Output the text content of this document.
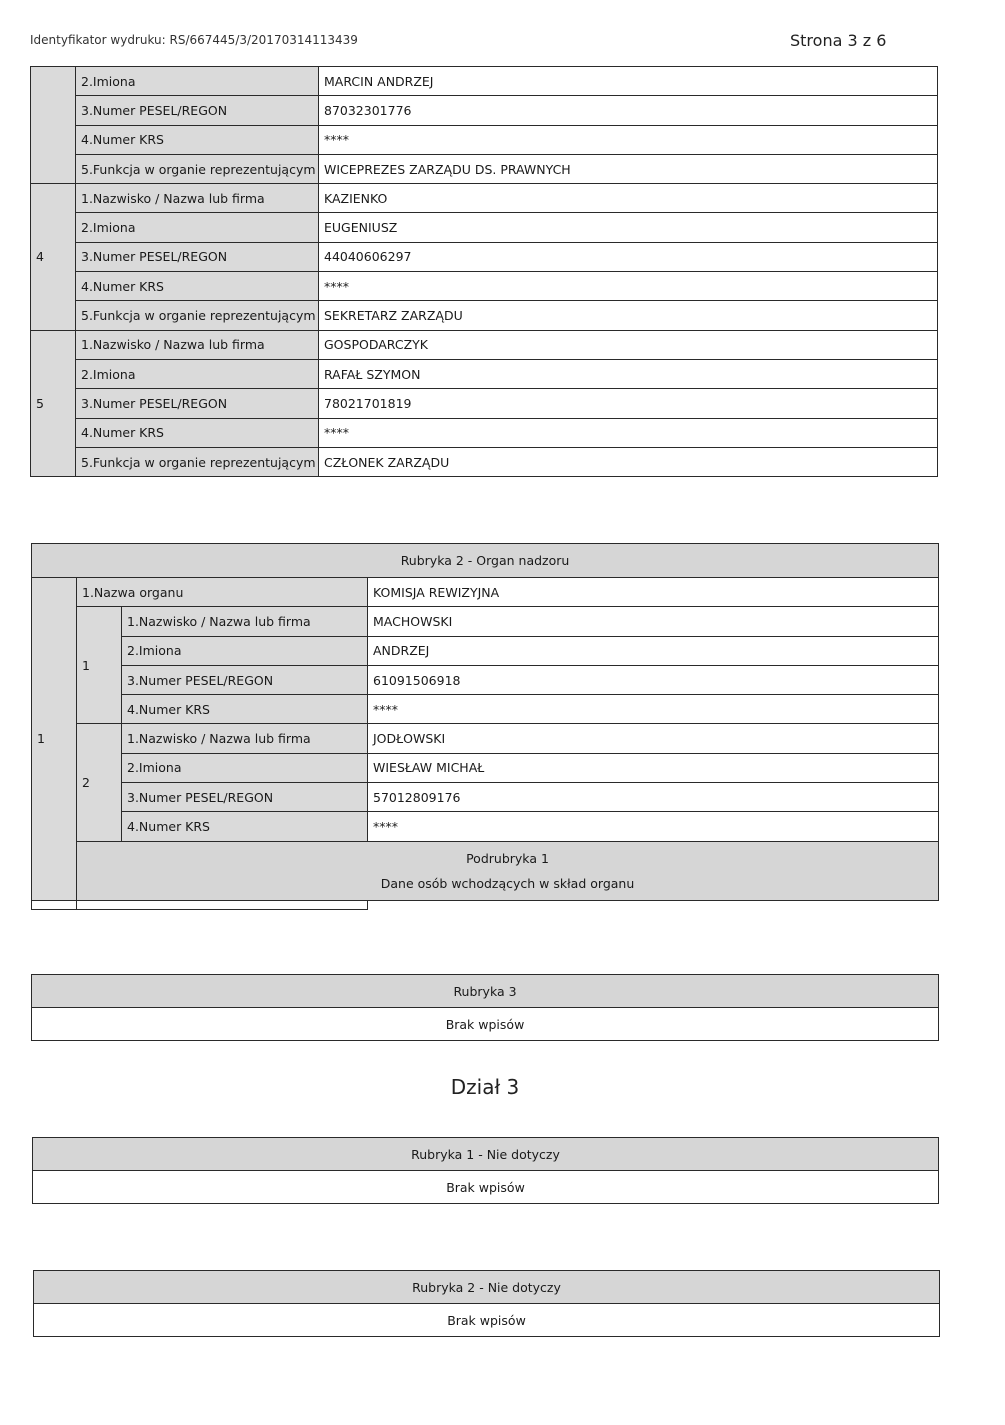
Identyfikator wydruku: RS/667445/3/20170314113439	Strona 3 z 6
	2.Imiona	MARCIN ANDRZEJ
	3.Numer PESEL/REGON	87032301776
	4.Numer KRS	****
	5.Funkcja w organie reprezentującym	WICEPREZES ZARZĄDU DS. PRAWNYCH
4	1.Nazwisko / Nazwa lub firma	KAZIENKO
	2.Imiona	EUGENIUSZ
	3.Numer PESEL/REGON	44040606297
	4.Numer KRS	****
	5.Funkcja w organie reprezentującym	SEKRETARZ ZARZĄDU
5	1.Nazwisko / Nazwa lub firma	GOSPODARCZYK
	2.Imiona	RAFAŁ SZYMON
	3.Numer PESEL/REGON	78021701819
	4.Numer KRS	****
	5.Funkcja w organie reprezentującym	CZŁONEK ZARZĄDU
Rubryka 2 - Organ nadzoru			
1	1.Nazwa organu		KOMISJA REWIZYJNA
	1	1.Nazwisko / Nazwa lub firma	MACHOWSKI
		2.Imiona	ANDRZEJ
		3.Numer PESEL/REGON	61091506918
		4.Numer KRS	****
	2	1.Nazwisko / Nazwa lub firma	JODŁOWSKI
		2.Imiona	WIESŁAW MICHAŁ
		3.Numer PESEL/REGON	57012809176
		4.Numer KRS	****

	Podrubryka 1
Dane osób wchodzących w skład organu		

Rubryka 3
Brak wpisów
Dział 3
Rubryka 1 - Nie dotyczy
Brak wpisów
Rubryka 2 - Nie dotyczy
Brak wpisów
